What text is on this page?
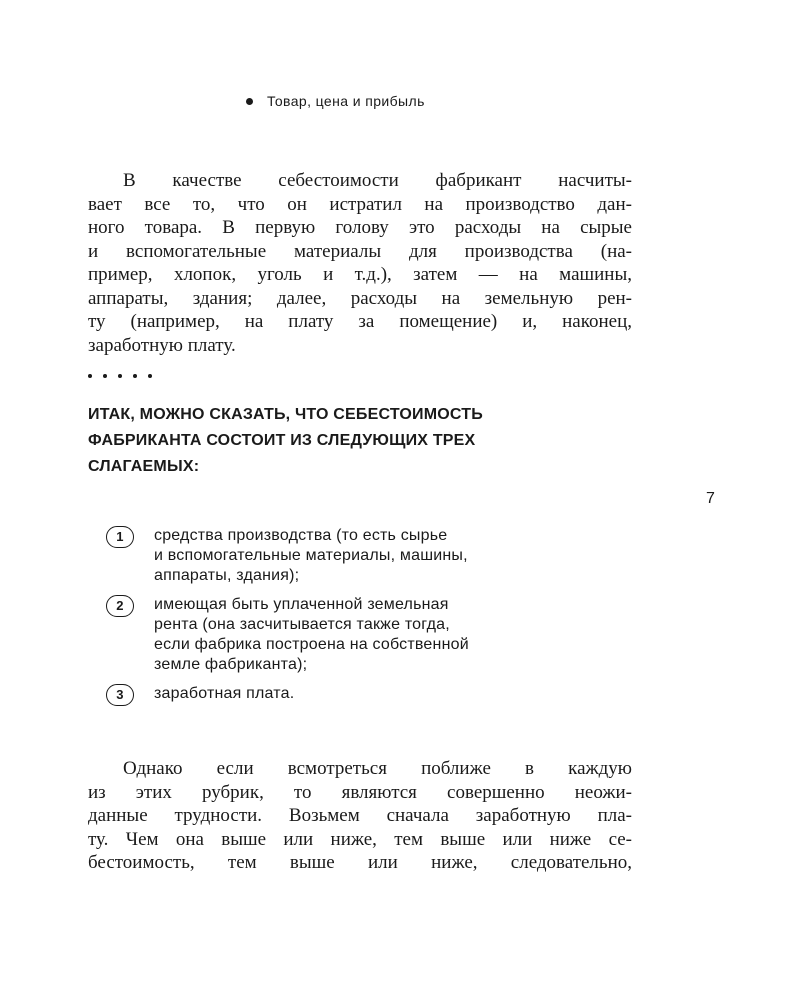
Товар, цена и прибыль
В качестве себестоимости фабрикант насчиты-
вает все то, что он истратил на производство дан-
ного товара. В первую голову это расходы на сырые
и вспомогательные материалы для производства (на-
пример, хлопок, уголь и т.д.), затем — на машины,
аппараты, здания; далее, расходы на земельную рен-
ту (например, на плату за помещение) и, наконец,
заработную плату.
ИТАК, МОЖНО СКАЗАТЬ, ЧТО СЕБЕСТОИМОСТЬ
ФАБРИКАНТА СОСТОИТ ИЗ СЛЕДУЮЩИХ ТРЕХ
СЛАГАЕМЫХ:
7
1	средства производства (то есть сырье
и вспомогательные материалы, машины,
аппараты, здания);
2	имеющая быть уплаченной земельная
рента (она засчитывается также тогда,
если фабрика построена на собственной
земле фабриканта);
3	заработная плата.
Однако если всмотреться поближе в каждую
из этих рубрик, то являются совершенно неожи-
данные трудности. Возьмем сначала заработную пла-
ту. Чем она выше или ниже, тем выше или ниже се-
бестоимость, тем выше или ниже, следовательно,
